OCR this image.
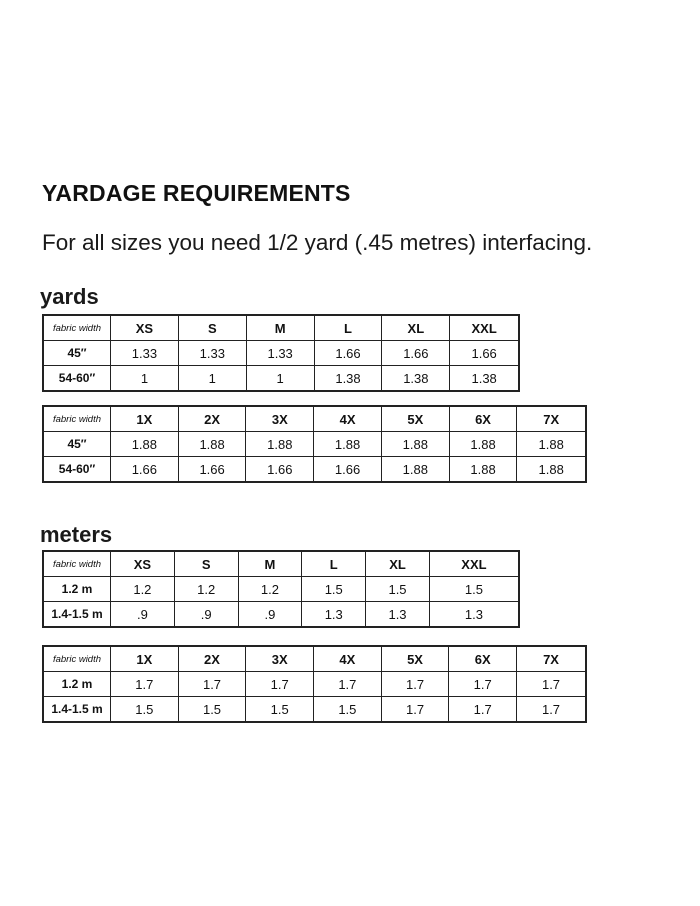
YARDAGE REQUIREMENTS

For all sizes you need 1/2 yard (.45 metres) interfacing.

yards
fabric width	XS	S	M	L	XL	XXL
45″	1.33	1.33	1.33	1.66	1.66	1.66
54-60″	1	1	1	1.38	1.38	1.38
fabric width	1X	2X	3X	4X	5X	6X	7X
45″	1.88	1.88	1.88	1.88	1.88	1.88	1.88
54-60″	1.66	1.66	1.66	1.66	1.88	1.88	1.88
meters
fabric width	XS	S	M	L	XL	XXL
1.2 m	1.2	1.2	1.2	1.5	1.5	1.5
1.4-1.5 m	.9	.9	.9	1.3	1.3	1.3
fabric width	1X	2X	3X	4X	5X	6X	7X
1.2 m	1.7	1.7	1.7	1.7	1.7	1.7	1.7
1.4-1.5 m	1.5	1.5	1.5	1.5	1.7	1.7	1.7
